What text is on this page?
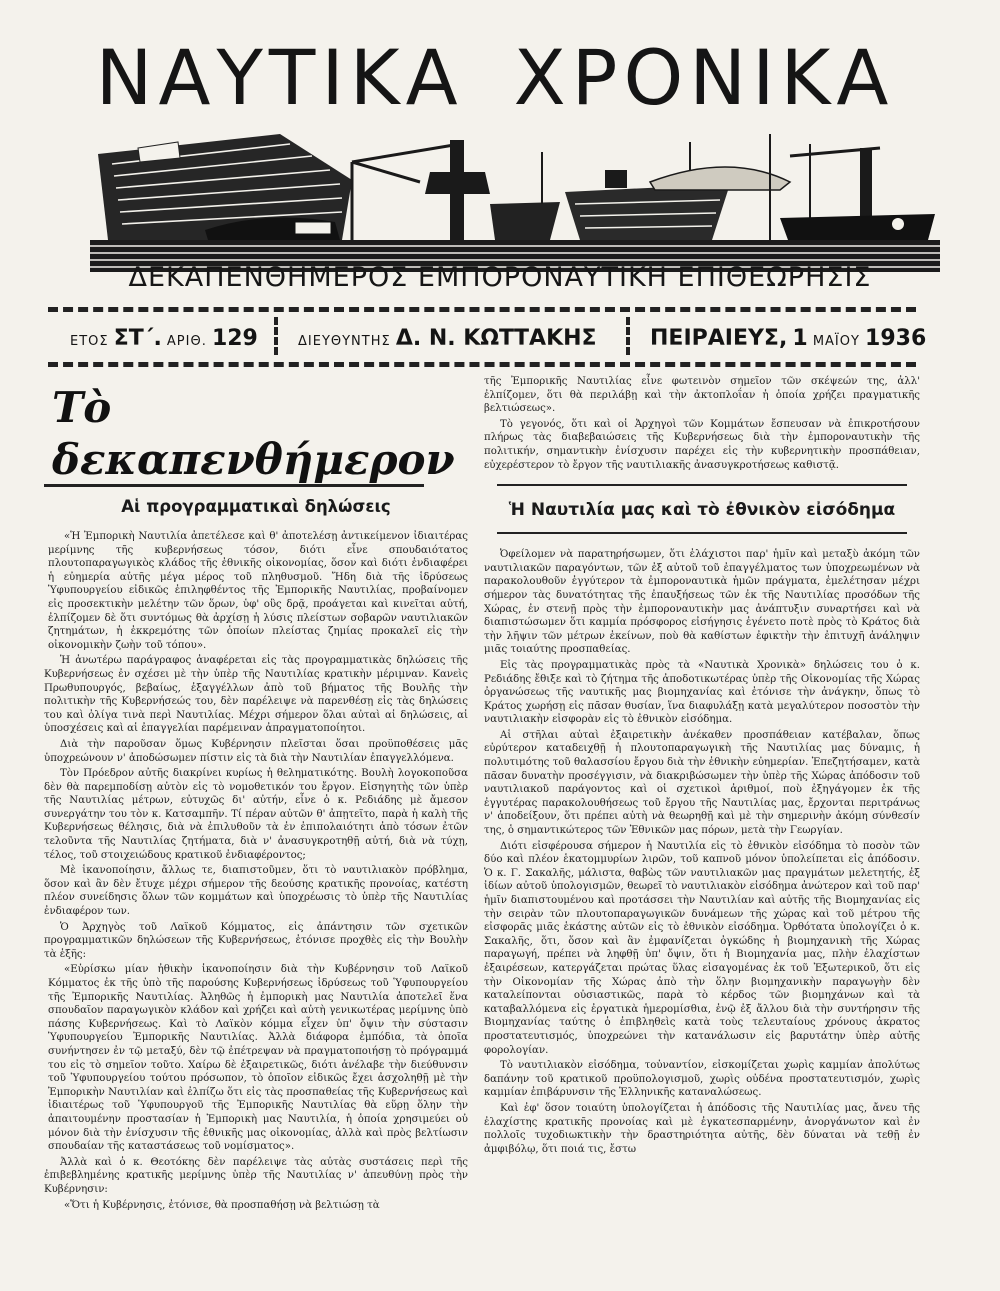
ΝΑΥΤΙΚΑ ΧΡΟΝΙΚΑ
ΔΕΚΑΠΕΝΘΗΜΕΡΟΣ ΕΜΠΟΡΟΝΑΥΤΙΚΗ ΕΠΙΘΕΩΡΗΣΙΣ
ΕΤΟΣ ΣΤ΄. ΑΡΙΘ. 129	ΔΙΕΥΘΥΝΤΗΣ Δ. Ν. ΚΩΤΤΑΚΗΣ ΠΕΙΡΑΙΕΥΣ, 1 ΜΑΪΟΥ 1936
Τὸ δεκαπενθήμερον
Αἱ προγραμματικαὶ δηλώσεις

«Ἡ Ἐμπορικὴ Ναυτιλία ἀπετέλεσε καὶ θ' ἀποτελέσῃ ἀντικείμενον ἰδιαιτέρας μερίμνης τῆς κυβερνήσεως τόσον, διότι εἶνε σπουδαιότατος πλουτοπαραγωγικὸς κλάδος τῆς ἐθνικῆς οἰκονομίας, ὅσον καὶ διότι ἐνδιαφέρει ἡ εὐημερία αὐτῆς μέγα μέρος τοῦ πληθυσμοῦ. Ἤδη διὰ τῆς ἱδρύσεως Ὑφυπουργείου εἰδικῶς ἐπιληφθέντος τῆς Ἐμπορικῆς Ναυτιλίας, προβαίνομεν εἰς προσεκτικὴν μελέτην τῶν ὅρων, ὑφ' οὓς δρᾷ, προάγεται καὶ κινεῖται αὐτή, ἐλπίζομεν δὲ ὅτι συντόμως θὰ ἀρχίσῃ ἡ λύσις πλείστων σοβαρῶν ναυτιλιακῶν ζητημάτων, ἡ ἐκκρεμότης τῶν ὁποίων πλείστας ζημίας προκαλεῖ εἰς τὴν οἰκονομικὴν ζωὴν τοῦ τόπου».

Ἡ ἀνωτέρω παράγραφος ἀναφέρεται εἰς τὰς προγραμματικὰς δηλώσεις τῆς Κυβερνήσεως ἐν σχέσει μὲ τὴν ὑπὲρ τῆς Ναυτιλίας κρατικὴν μέριμναν. Κανεὶς Πρωθυπουργός, βεβαίως, ἐξαγγέλλων ἀπὸ τοῦ βήματος τῆς Βουλῆς τὴν πολιτικὴν τῆς Κυβερνήσεώς του, δὲν παρέλειψε νὰ παρενθέσῃ εἰς τὰς δηλώσεις του καὶ ὀλίγα τινὰ περὶ Ναυτιλίας. Μέχρι σήμερον ὅλαι αὐταὶ αἱ δηλώσεις, αἱ ὑποσχέσεις καὶ αἱ ἐπαγγελίαι παρέμειναν ἀπραγματοποίητοι.

Διὰ τὴν παροῦσαν ὅμως Κυβέρνησιν πλεῖσται ὅσαι προϋποθέσεις μᾶς ὑποχρεώνουν ν' ἀποδώσωμεν πίστιν εἰς τὰ διὰ τὴν Ναυτιλίαν ἐπαγγελλόμενα.

Τὸν Πρόεδρον αὐτῆς διακρίνει κυρίως ἡ θεληματικότης. Βουλὴ λογοκοποῦσα δὲν θὰ παρεμποδίσῃ αὐτὸν εἰς τὸ νομοθετικόν του ἔργον. Εἰσηγητὴς τῶν ὑπὲρ τῆς Ναυτιλίας μέτρων, εὐτυχῶς δι' αὐτήν, εἶνε ὁ κ. Ρεδιάδης μὲ ἄμεσον συνεργάτην του τὸν κ. Κατσαμπῆν. Τί πέραν αὐτῶν θ' ἀπῃτεῖτο, παρὰ ἡ καλὴ τῆς Κυβερνήσεως θέλησις, διὰ νὰ ἐπιλυθοῦν τὰ ἐν ἐπιπολαιότητι ἀπὸ τόσων ἐτῶν τελοῦντα τῆς Ναυτιλίας ζητήματα, διὰ ν' ἀνασυγκροτηθῇ αὐτή, διὰ νὰ τύχῃ, τέλος, τοῦ στοιχειώδους κρατικοῦ ἐνδιαφέροντος;

Μὲ ἱκανοποίησιν, ἄλλως τε, διαπιστοῦμεν, ὅτι τὸ ναυτιλιακὸν πρόβλημα, ὅσον καὶ ἂν δὲν ἔτυχε μέχρι σήμερον τῆς δεούσης κρατικῆς προνοίας, κατέστη πλέον συνείδησις ὅλων τῶν κομμάτων καὶ ὑποχρέωσις τὸ ὑπὲρ τῆς Ναυτιλίας ἐνδιαφέρον των.

Ὁ Ἀρχηγὸς τοῦ Λαϊκοῦ Κόμματος, εἰς ἀπάντησιν τῶν σχετικῶν προγραμματικῶν δηλώσεων τῆς Κυβερνήσεως, ἐτόνισε προχθὲς εἰς τὴν Βουλὴν τὰ ἑξῆς:

«Εὑρίσκω μίαν ἠθικὴν ἱκανοποίησιν διὰ τὴν Κυβέρνησιν τοῦ Λαϊκοῦ Κόμματος ἐκ τῆς ὑπὸ τῆς παρούσης Κυβερνήσεως ἱδρύσεως τοῦ Ὑφυπουργείου τῆς Ἐμπορικῆς Ναυτιλίας. Ἀληθῶς ἡ ἐμπορικὴ μας Ναυτιλία ἀποτελεῖ ἕνα σπουδαῖον παραγωγικὸν κλάδον καὶ χρήζει καὶ αὐτὴ γενικωτέρας μερίμνης ὑπὸ πάσης Κυβερνήσεως. Καὶ τὸ Λαϊκὸν κόμμα εἶχεν ὑπ' ὄψιν τὴν σύστασιν Ὑφυπουργείου Ἐμπορικῆς Ναυτιλίας. Ἀλλὰ διάφορα ἐμπόδια, τὰ ὁποῖα συνήντησεν ἐν τῷ μεταξύ, δὲν τῷ ἐπέτρεψαν νὰ πραγματοποιήσῃ τὸ πρόγραμμά του εἰς τὸ σημεῖον τοῦτο. Χαίρω δὲ ἐξαιρετικῶς, διότι ἀνέλαβε τὴν διεύθυνσιν τοῦ Ὑφυπουργείου τούτου πρόσωπον, τὸ ὁποῖον εἰδικῶς ἔχει ἀσχοληθῇ μὲ τὴν Ἐμπορικὴν Ναυτιλίαν καὶ ἐλπίζω ὅτι εἰς τὰς προσπαθείας τῆς Κυβερνήσεως καὶ ἰδιαιτέρως τοῦ Ὑφυπουργοῦ τῆς Ἐμπορικῆς Ναυτιλίας θὰ εὕρῃ ὅλην τὴν ἀπαιτουμένην προστασίαν ἡ Ἐμπορικὴ μας Ναυτιλία, ἡ ὁποία χρησιμεύει οὐ μόνον διὰ τὴν ἐνίσχυσιν τῆς ἐθνικῆς μας οἰκονομίας, ἀλλὰ καὶ πρὸς βελτίωσιν σπουδαίαν τῆς καταστάσεως τοῦ νομίσματος».

Ἀλλὰ καὶ ὁ κ. Θεοτόκης δὲν παρέλειψε τὰς αὐτὰς συστάσεις περὶ τῆς ἐπιβεβλημένης κρατικῆς μερίμνης ὑπὲρ τῆς Ναυτιλίας ν' ἀπευθύνῃ πρὸς τὴν Κυβέρνησιν:

«Ὅτι ἡ Κυβέρνησις, ἐτόνισε, θὰ προσπαθήσῃ νὰ βελτιώσῃ τὰ

τῆς Ἐμπορικῆς Ναυτιλίας εἶνε φωτεινὸν σημεῖον τῶν σκέψεών της, ἀλλ' ἐλπίζομεν, ὅτι θὰ περιλάβῃ καὶ τὴν ἀκτοπλοΐαν ἡ ὁποία χρήζει πραγματικῆς βελτιώσεως».

Τὸ γεγονός, ὅτι καὶ οἱ Ἀρχηγοὶ τῶν Κομμάτων ἔσπευσαν νὰ ἐπικροτήσουν πλήρως τὰς διαβεβαιώσεις τῆς Κυβερνήσεως διὰ τὴν ἐμποροναυτικὴν τῆς πολιτικήν, σημαντικὴν ἐνίσχυσιν παρέχει εἰς τὴν κυβερνητικὴν προσπάθειαν, εὐχερέστερον τὸ ἔργον τῆς ναυτιλιακῆς ἀνασυγκροτήσεως καθιστᾷ.

Ἡ Ναυτιλία μας καὶ τὸ ἐθνικὸν εἰσόδημα

Ὀφείλομεν νὰ παρατηρήσωμεν, ὅτι ἐλάχιστοι παρ' ἡμῖν καὶ μεταξὺ ἀκόμη τῶν ναυτιλιακῶν παραγόντων, τῶν ἐξ αὐτοῦ τοῦ ἐπαγγέλματος των ὑποχρεωμένων νὰ παρακολουθοῦν ἐγγύτερον τὰ ἐμποροναυτικὰ ἡμῶν πράγματα, ἐμελέτησαν μέχρι σήμερον τὰς δυνατότητας τῆς ἐπαυξήσεως τῶν ἐκ τῆς Ναυτιλίας προσόδων τῆς Χώρας, ἐν στενῇ πρὸς τὴν ἐμποροναυτικὴν μας ἀνάπτυξιν συναρτήσει καὶ νὰ διαπιστώσωμεν ὅτι καμμία πρόσφορος εἰσήγησις ἐγένετο ποτὲ πρὸς τὸ Κράτος διὰ τὴν λῆψιν τῶν μέτρων ἐκείνων, ποὺ θὰ καθίστων ἐφικτὴν τὴν ἐπιτυχῆ ἀνάληψιν μιᾶς τοιαύτης προσπαθείας.

Εἰς τὰς προγραμματικὰς πρὸς τὰ «Ναυτικὰ Χρονικὰ» δηλώσεις του ὁ κ. Ρεδιάδης ἔθιξε καὶ τὸ ζήτημα τῆς ἀποδοτικωτέρας ὑπὲρ τῆς Οἰκονομίας τῆς Χώρας ὀργανώσεως τῆς ναυτικῆς μας βιομηχανίας καὶ ἐτόνισε τὴν ἀνάγκην, ὅπως τὸ Κράτος χωρήσῃ εἰς πᾶσαν θυσίαν, ἵνα διαφυλάξῃ κατὰ μεγαλύτερον ποσοστὸν τὴν ναυτιλιακὴν εἰσφορὰν εἰς τὸ ἐθνικὸν εἰσόδημα.

Αἱ στῆλαι αὐταὶ ἐξαιρετικὴν ἀνέκαθεν προσπάθειαν κατέβαλαν, ὅπως εὐρύτερον καταδειχθῇ ἡ πλουτοπαραγωγικὴ τῆς Ναυτιλίας μας δύναμις, ἡ πολυτιμότης τοῦ θαλασσίου ἔργου διὰ τὴν ἐθνικὴν εὐημερίαν. Ἐπεζητήσαμεν, κατὰ πᾶσαν δυνατὴν προσέγγισιν, νὰ διακριβώσωμεν τὴν ὑπὲρ τῆς Χώρας ἀπόδοσιν τοῦ ναυτιλιακοῦ παράγοντος καὶ οἱ σχετικοὶ ἀριθμοί, ποὺ ἐξηγάγομεν ἐκ τῆς ἐγγυτέρας παρακολουθήσεως τοῦ ἔργου τῆς Ναυτιλίας μας, ἔρχονται περιτράνως ν' ἀποδείξουν, ὅτι πρέπει αὐτὴ νὰ θεωρηθῇ καὶ μὲ τὴν σημερινὴν ἀκόμη σύνθεσίν της, ὁ σημαντικώτερος τῶν Ἐθνικῶν μας πόρων, μετὰ τὴν Γεωργίαν.

Διότι εἰσφέρουσα σήμερον ἡ Ναυτιλία εἰς τὸ ἐθνικὸν εἰσόδημα τὸ ποσὸν τῶν δύο καὶ πλέον ἑκατομμυρίων λιρῶν, τοῦ καπνοῦ μόνον ὑπολείπεται εἰς ἀπόδοσιν. Ὁ κ. Γ. Σακαλῆς, μάλιστα, θαβὼς τῶν ναυτιλιακῶν μας πραγμάτων μελετητής, ἐξ ἰδίων αὐτοῦ ὑπολογισμῶν, θεωρεῖ τὸ ναυτιλιακὸν εἰσόδημα ἀνώτερον καὶ τοῦ παρ' ἡμῖν διαπιστουμένου καὶ προτάσσει τὴν Ναυτιλίαν καὶ αὐτῆς τῆς Βιομηχανίας εἰς τὴν σειρὰν τῶν πλουτοπαραγωγικῶν δυνάμεων τῆς χώρας καὶ τοῦ μέτρου τῆς εἰσφορᾶς μιᾶς ἑκάστης αὐτῶν εἰς τὸ ἐθνικὸν εἰσόδημα. Ὀρθότατα ὑπολογίζει ὁ κ. Σακαλῆς, ὅτι, ὅσον καὶ ἂν ἐμφανίζεται ὀγκώδης ἡ βιομηχανικὴ τῆς Χώρας παραγωγή, πρέπει νὰ ληφθῇ ὑπ' ὄψιν, ὅτι ἡ Βιομηχανία μας, πλὴν ἐλαχίστων ἐξαιρέσεων, κατεργάζεται πρώτας ὕλας εἰσαγομένας ἐκ τοῦ Ἐξωτερικοῦ, ὅτι εἰς τὴν Οἰκονομίαν τῆς Χώρας ἀπὸ τὴν ὅλην βιομηχανικὴν παραγωγὴν δὲν καταλείπονται οὐσιαστικῶς, παρὰ τὸ κέρδος τῶν βιομηχάνων καὶ τὰ καταβαλλόμενα εἰς ἐργατικὰ ἡμερομίσθια, ἐνῷ ἐξ ἄλλου διὰ τὴν συντήρησιν τῆς Βιομηχανίας ταύτης ὁ ἐπιβληθεὶς κατὰ τοὺς τελευταίους χρόνους ἀκρατος προστατευτισμός, ὑποχρεώνει τὴν κατανάλωσιν εἰς βαρυτάτην ὑπὲρ αὐτῆς φορολογίαν.

Τὸ ναυτιλιακὸν εἰσόδημα, τοὐναντίον, εἰσκομίζεται χωρὶς καμμίαν ἀπολύτως δαπάνην τοῦ κρατικοῦ προϋπολογισμοῦ, χωρὶς οὐδένα προστατευτισμόν, χωρὶς καμμίαν ἐπιβάρυνσιν τῆς Ἑλληνικῆς καταναλώσεως.

Καὶ ἐφ' ὅσον τοιαύτη ὑπολογίζεται ἡ ἀπόδοσις τῆς Ναυτιλίας μας, ἄνευ τῆς ἐλαχίστης κρατικῆς προνοίας καὶ μὲ ἐγκατεσπαρμένην, ἀνοργάνωτον καὶ ἐν πολλοῖς τυχοδιωκτικὴν τὴν δραστηριότητα αὐτῆς, δὲν δύναται νὰ τεθῇ ἐν ἀμφιβόλῳ, ὅτι ποιά τις, ἔστω
